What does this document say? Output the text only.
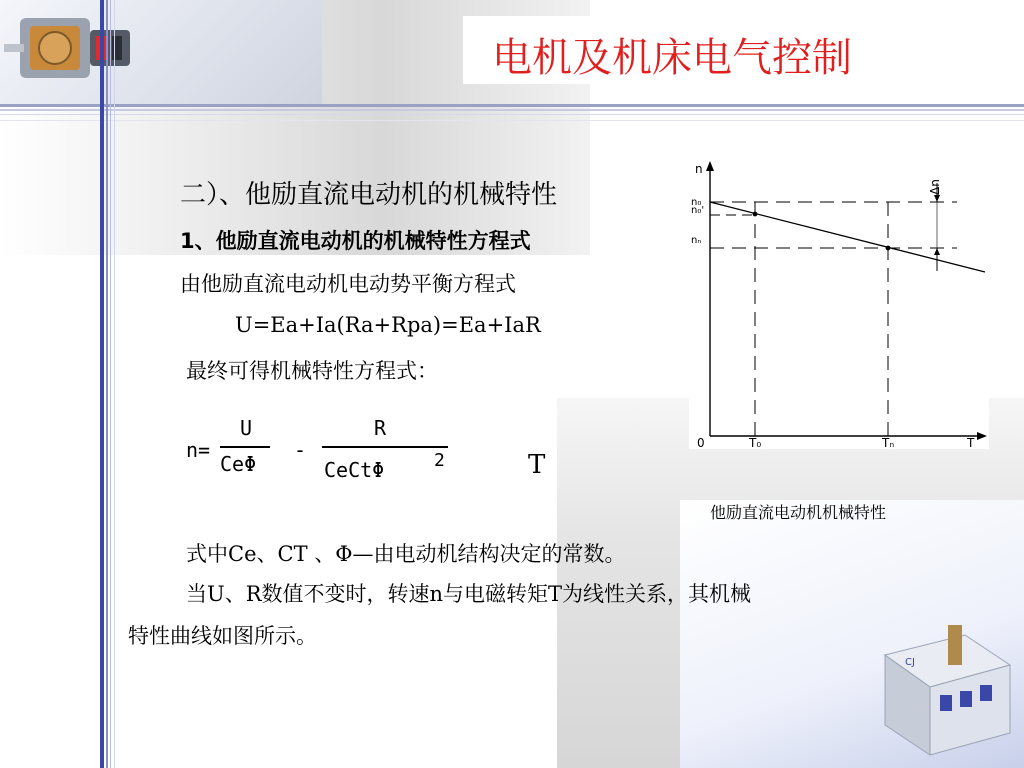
CJ
电机及机床电气控制
二）、他励直流电动机的机械特性
1、他励直流电动机的机械特性方程式
由他励直流电动机电动势平衡方程式
U=Ea+Ia(Ra+Rpa)=Ea+IaR
最终可得机械特性方程式：
n=
U
CeΦ
-
R
CeCtΦ	2	T
式中Ce、CT 、Φ—由电动机结构决定的常数。
当U、R数值不变时，转速n与电磁转矩T为线性关系，其机械
特性曲线如图所示。
n
n₀
n₀'
nₙ
Δn
0	T₀	Tₙ	T
他励直流电动机机械特性
